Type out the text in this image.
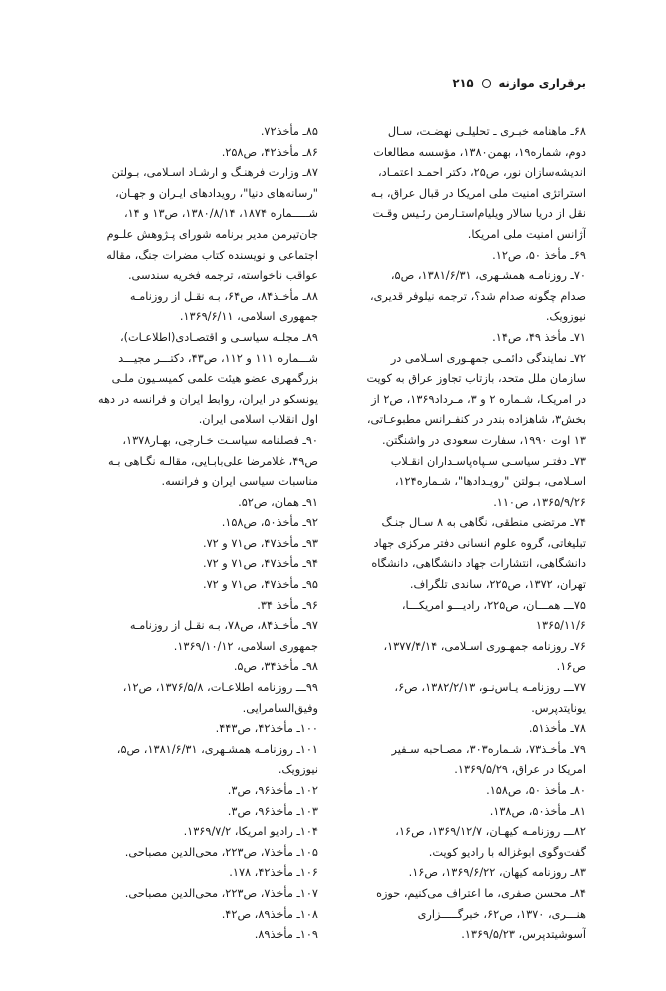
برقراری موازنه
۲۱۵
۶۸ـ ماهنامه خبـری ـ تحلیلـی نهضـت، سـال
دوم، شماره۱۹، بهمن۱۳۸۰، مؤسسه مطالعات
اندیشه‌سازان نور، ص۲۵، دکتر احمـد اعتمـاد،
استراتژی امنیت ملی امریکا در قبال عراق، بـه
نقل از دریا سالار ویلیام‌استـارمن رئـیس وقـت
آژانس امنیت ملی امریکا.
۶۹ـ مأخذ ۵۰، ص۱۲.
۷۰ـ روزنامـه همشـهری، ۱۳۸۱/۶/۳۱، ص۵،
صدام چگونه صدام شد؟، ترجمه نیلوفر قدیری،
نیوزویک.
۷۱ـ مأخذ ۴۹، ص۱۴.
۷۲ـ نمایندگی دائمـی جمهـوری اسـلامی در
سازمان ملل متحد، بازتاب تجاوز عراق به کویت
در امریکـا، شـماره ۲ و ۳، مـرداد۱۳۶۹، ص۲ از
بخش۳، شاهزاده بندر در کنفـرانس مطبوعـاتی،
۱۳ اوت ۱۹۹۰، سفارت سعودی در واشنگتن.
۷۳ـ دفتـر سیاسـی سـپاه‌پاسـداران انقـلاب
اسـلامی، بـولتن "رویـدادها"، شـماره۱۲۴،
۱۳۶۵/۹/۲۶، ص۱۱۰.
۷۴ـ مرتضی منطقی، نگاهی به ۸ سـال جنـگ
تبلیغاتی، گروه علوم انسانی دفتر مرکزی جهاد
دانشگاهی، انتشارات جهاد دانشگاهی، دانشگاه
تهران، ۱۳۷۲، ص۲۲۵، ساندی تلگراف.
۷۵ـــ همـــان، ص۲۲۵، رادیـــو امریکـــا،
۱۳۶۵/۱۱/۶
۷۶ـ روزنامه جمهـوری اسـلامی، ۱۳۷۷/۴/۱۴،
ص۱۶.
۷۷ـــ روزنامـه یـاس‌نـو، ۱۳۸۲/۲/۱۳، ص۶،
یونایتدپرس.
۷۸ـ مأخذ۵۱.
۷۹ـ مأخـذ۷۳، شـماره۳۰۳، مصـاحبه سـفیر
امریکا در عراق، ۱۳۶۹/۵/۲۹.
۸۰ـ مأخذ ۵۰، ص۱۵۸.
۸۱ـ مأخذ۵۰، ص۱۳۸.
۸۲ـــ روزنامـه کیهـان، ۱۳۶۹/۱۲/۷، ص۱۶،
گفت‌وگوی ابوغزاله با رادیو کویت.
۸۳ـ روزنامه کیهان، ۱۳۶۹/۶/۲۲، ص۱۶.
۸۴ـ محسن صفری، ما اعتراف می‌کنیم، حوزه
هنـــری، ۱۳۷۰، ص۶۲، خبرگـــــزاری
آسوشیتدپرس، ۱۳۶۹/۵/۲۳.
۸۵ـ مأخذ۷۲.
۸۶ـ مأخذ۴۲، ص۲۵۸.
۸۷ـ وزارت فرهنـگ و ارشـاد اسـلامی، بـولتن
"رسانه‌های دنیا"، رویدادهای ایـران و جهـان،
شـــــماره ۱۸۷۴، ۱۳۸۰/۸/۱۴، ص۱۳ و ۱۴،
جان‌تیرمن مدیر برنامه شورای پـژوهش علـوم
اجتماعی و نویسنده کتاب مضرات جنگ، مقاله
عواقب ناخواسته، ترجمه فخریه سندسی.
۸۸ـ مأخـذ۸۴، ص۶۴، بـه نقـل از روزنامـه
جمهوری اسلامی، ۱۳۶۹/۶/۱۱.
۸۹ـ مجلـه سیاسـی و اقتصـادی(اطلاعـات)،
شـــماره ۱۱۱ و ۱۱۲، ص۴۳، دکتـــر مجیـــد
بزرگمهری عضو هیئت علمی کمیسـیون ملـی
یونسکو در ایران، روابط ایران و فرانسه در دهه
اول انقلاب اسلامی ایران.
۹۰ـ فصلنامه سیاسـت خـارجی، بهـار۱۳۷۸،
ص۴۹، غلامرضا علی‌بابـایی، مقالـه نگـاهی بـه
مناسبات سیاسی ایران و فرانسه.
۹۱ـ همان، ص۵۲.
۹۲ـ مأخذ۵۰، ص۱۵۸.
۹۳ـ مأخذ۴۷، ص۷۱ و ۷۲.
۹۴ـ مأخذ۴۷، ص۷۱ و ۷۲.
۹۵ـ مأخذ۴۷، ص۷۱ و ۷۲.
۹۶ـ مأخذ ۳۴.
۹۷ـ مأخـذ۸۴، ص۷۸، بـه نقـل از روزنامـه
جمهوری اسلامی، ۱۳۶۹/۱۰/۱۲.
۹۸ـ مأخذ۳۴، ص۵.
۹۹ـــ روزنامه اطلاعـات، ۱۳۷۶/۵/۸، ص۱۲،
وفیق‌السامرایی.
۱۰۰ـ مأخذ۴۲، ص۴۴۳.
۱۰۱ـ روزنامـه همشـهری، ۱۳۸۱/۶/۳۱، ص۵،
نیوزویک.
۱۰۲ـ مأخذ۹۶، ص۳.
۱۰۳ـ مأخذ۹۶، ص۳.
۱۰۴ـ رادیو امریکا، ۱۳۶۹/۷/۲.
۱۰۵ـ مأخذ۷، ص۲۲۳، محی‌الدین مصباحی.
۱۰۶ـ مأخذ۴۲، ۱۷۸.
۱۰۷ـ مأخذ۷، ص۲۲۳، محی‌الدین مصباحی.
۱۰۸ـ مأخذ۸۹، ص۴۲.
۱۰۹ـ مأخذ۸۹.
